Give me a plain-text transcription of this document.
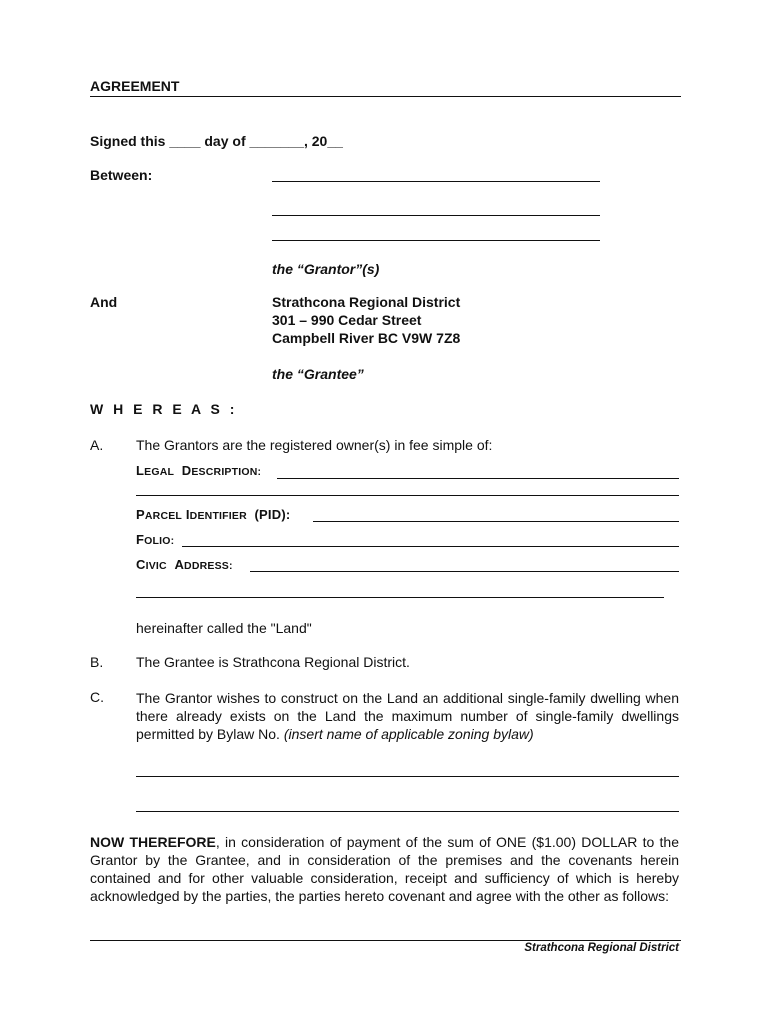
AGREEMENT
Signed this ____ day of _______, 20__
Between:
the “Grantor”(s)
And	Strathcona Regional District
301 – 990 Cedar Street
Campbell River BC V9W 7Z8
the “Grantee”
W H E R E A S :
A. The Grantors are the registered owner(s) in fee simple of:
LEGAL DESCRIPTION:
PARCEL IDENTIFIER (PID):
FOLIO:
CIVIC ADDRESS:
hereinafter called the "Land"
B. The Grantee is Strathcona Regional District.
C. The Grantor wishes to construct on the Land an additional single-family dwelling when there already exists on the Land the maximum number of single-family dwellings permitted by Bylaw No. (insert name of applicable zoning bylaw)
NOW THEREFORE, in consideration of payment of the sum of ONE ($1.00) DOLLAR to the Grantor by the Grantee, and in consideration of the premises and the covenants herein contained and for other valuable consideration, receipt and sufficiency of which is hereby acknowledged by the parties, the parties hereto covenant and agree with the other as follows:
Strathcona Regional District
